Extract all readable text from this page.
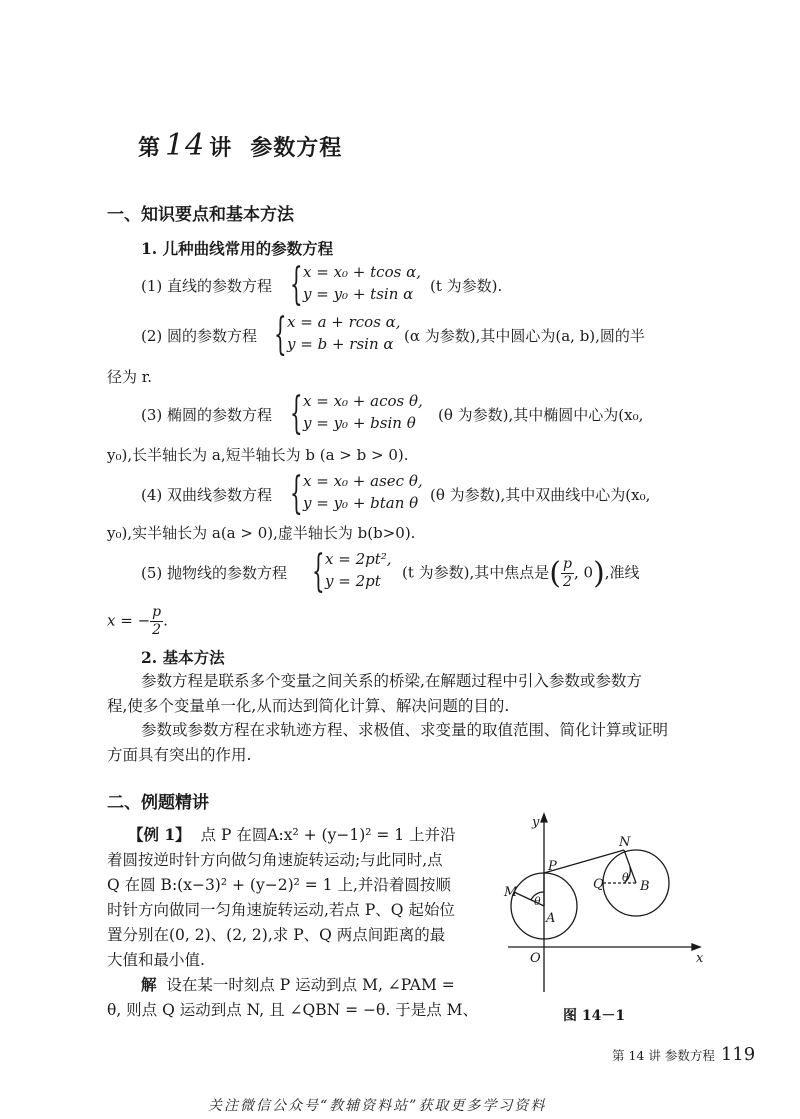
第 14 讲 参数方程
一、知识要点和基本方法
1. 儿种曲线常用的参数方程
(1) 直线的参数方程 { x = x₀ + tcos α,
y = y₀ + tsin α	(t 为参数).
(2) 圆的参数方程 { x = a + rcos α,
y = b + rsin α (α 为参数),其中圆心为(a, b),圆的半
径为 r.
(3) 椭圆的参数方程 { x = x₀ + acos θ,
y = y₀ + bsin θ	(θ 为参数),其中椭圆中心为(x₀,
y₀),长半轴长为 a,短半轴长为 b (a > b > 0).
(4) 双曲线参数方程 { x = x₀ + asec θ,
y = y₀ + btan θ (θ 为参数),其中双曲线中心为(x₀,
y₀),实半轴长为 a(a > 0),虚半轴长为 b(b>0).
(5) 抛物线的参数方程 { x = 2pt²,
y = 2pt	(t 为参数),其中焦点是( $\frac{p}{2}$ , 0),准线
x = − $\frac{p}{2}$ .
2. 基本方法
参数方程是联系多个变量之间关系的桥梁,在解题过程中引入参数或参数方
程,使多个变量单一化,从而达到简化计算、解决问题的目的.
参数或参数方程在求轨迹方程、求极值、求变量的取值范围、简化计算或证明
方面具有突出的作用.
二、例题精讲
【例 1】 点 P 在圆A:x² + (y−1)² = 1 上并沿
着圆按逆时针方向做匀角速旋转运动;与此同时,点
Q 在圆 B:(x−3)² + (y−2)² = 1 上,并沿着圆按顺
时针方向做同一匀角速旋转运动,若点 P、Q 起始位
置分别在(0, 2)、(2, 2),求 P、Q 两点间距离的最
大值和最小值.
解 设在某一时刻点 P 运动到点 M, ∠PAM =
θ, 则点 Q 运动到点 N, 且 ∠QBN = −θ. 于是点 M、
y
x
O
A
B
P
M
N
Q
θ
θ
图 14－1
第 14 讲 参数方程 119
关注微信公众号“教辅资料站”获取更多学习资料
